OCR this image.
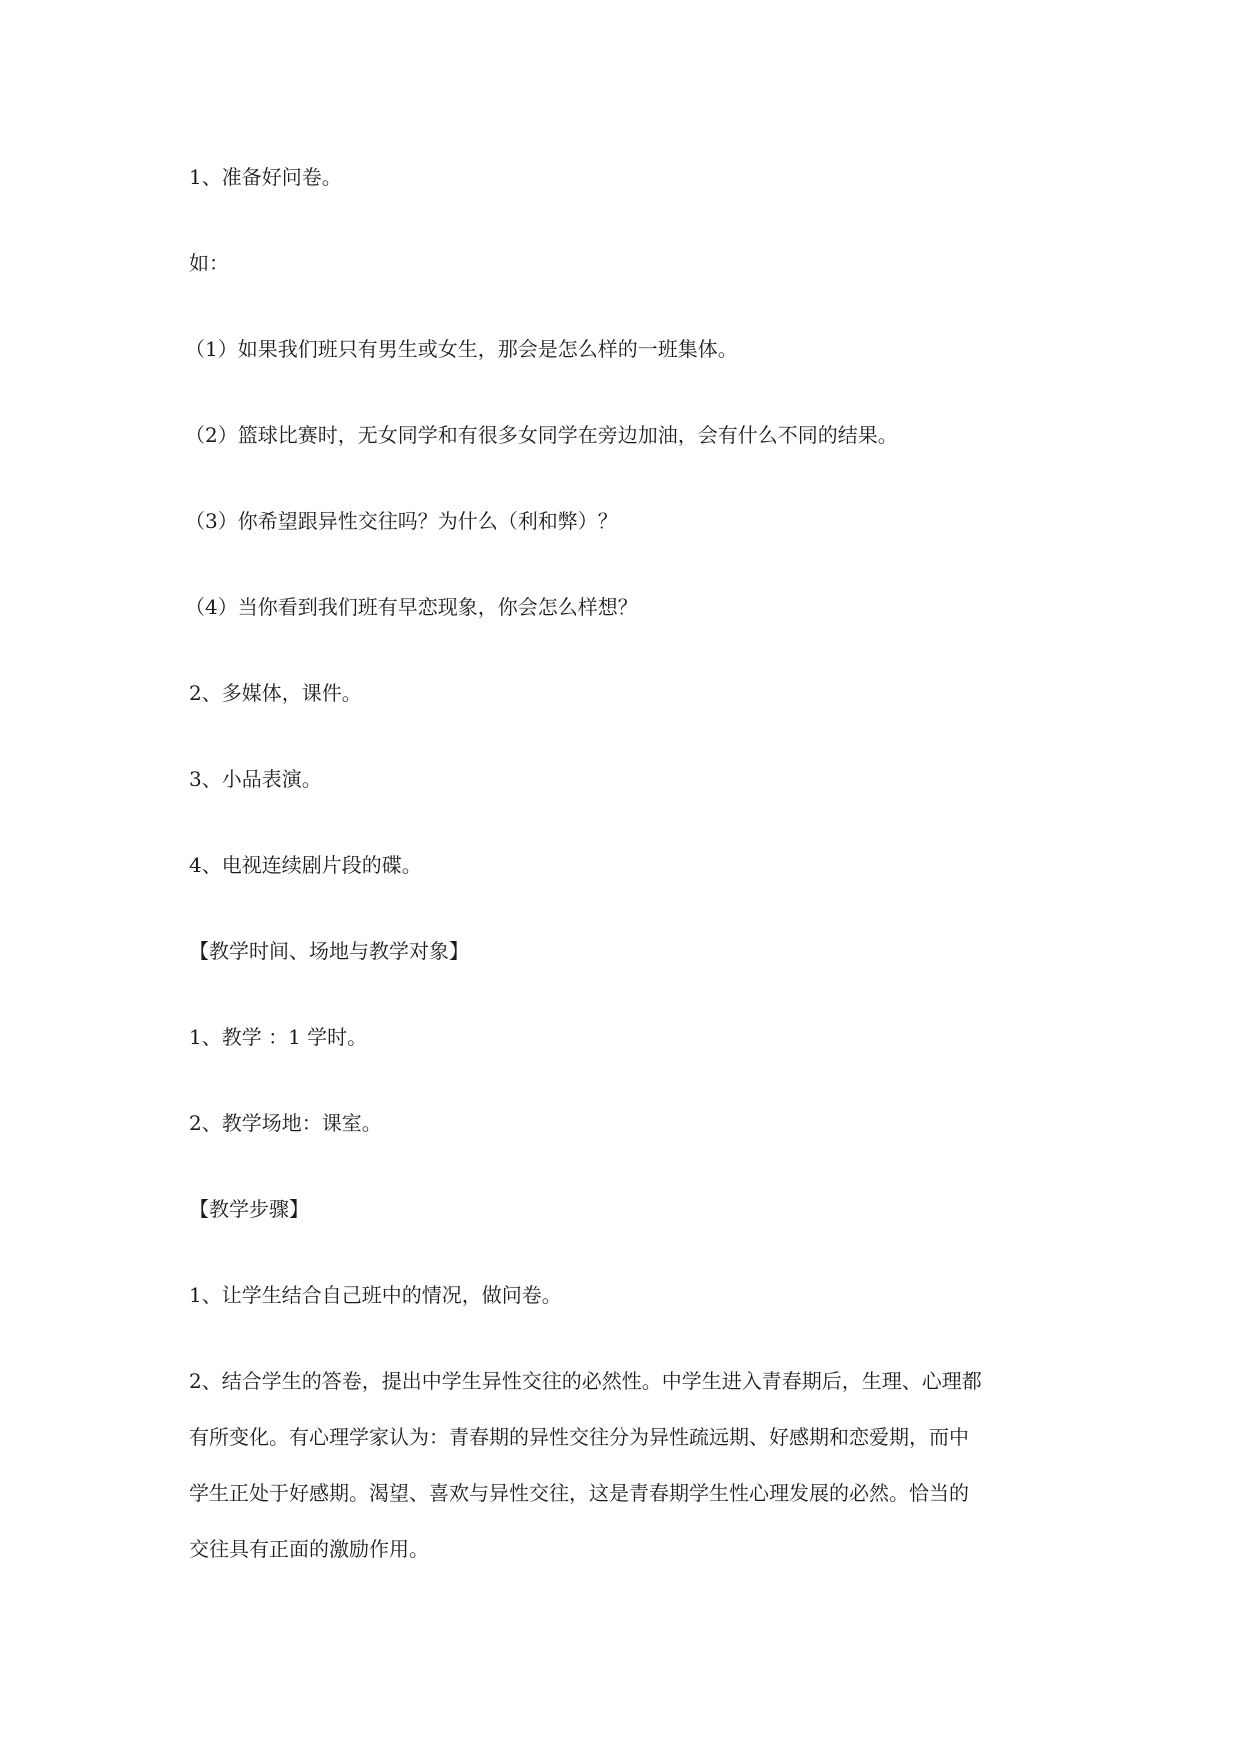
1、准备好问卷。

如：

（1）如果我们班只有男生或女生，那会是怎么样的一班集体。

（2）篮球比赛时，无女同学和有很多女同学在旁边加油，会有什么不同的结果。

（3）你希望跟异性交往吗？为什么（利和弊）？

（4）当你看到我们班有早恋现象，你会怎么样想？

2、多媒体，课件。

3、小品表演。

4、电视连续剧片段的碟。

【教学时间、场地与教学对象】

1、教学 ：1 学时。

2、教学场地：课室。

【教学步骤】

1、让学生结合自己班中的情况，做问卷。

2、结合学生的答卷，提出中学生异性交往的必然性。中学生进入青春期后，生理、心理都

有所变化。有心理学家认为：青春期的异性交往分为异性疏远期、好感期和恋爱期，而中

学生正处于好感期。渴望、喜欢与异性交往，这是青春期学生性心理发展的必然。恰当的

交往具有正面的激励作用。
